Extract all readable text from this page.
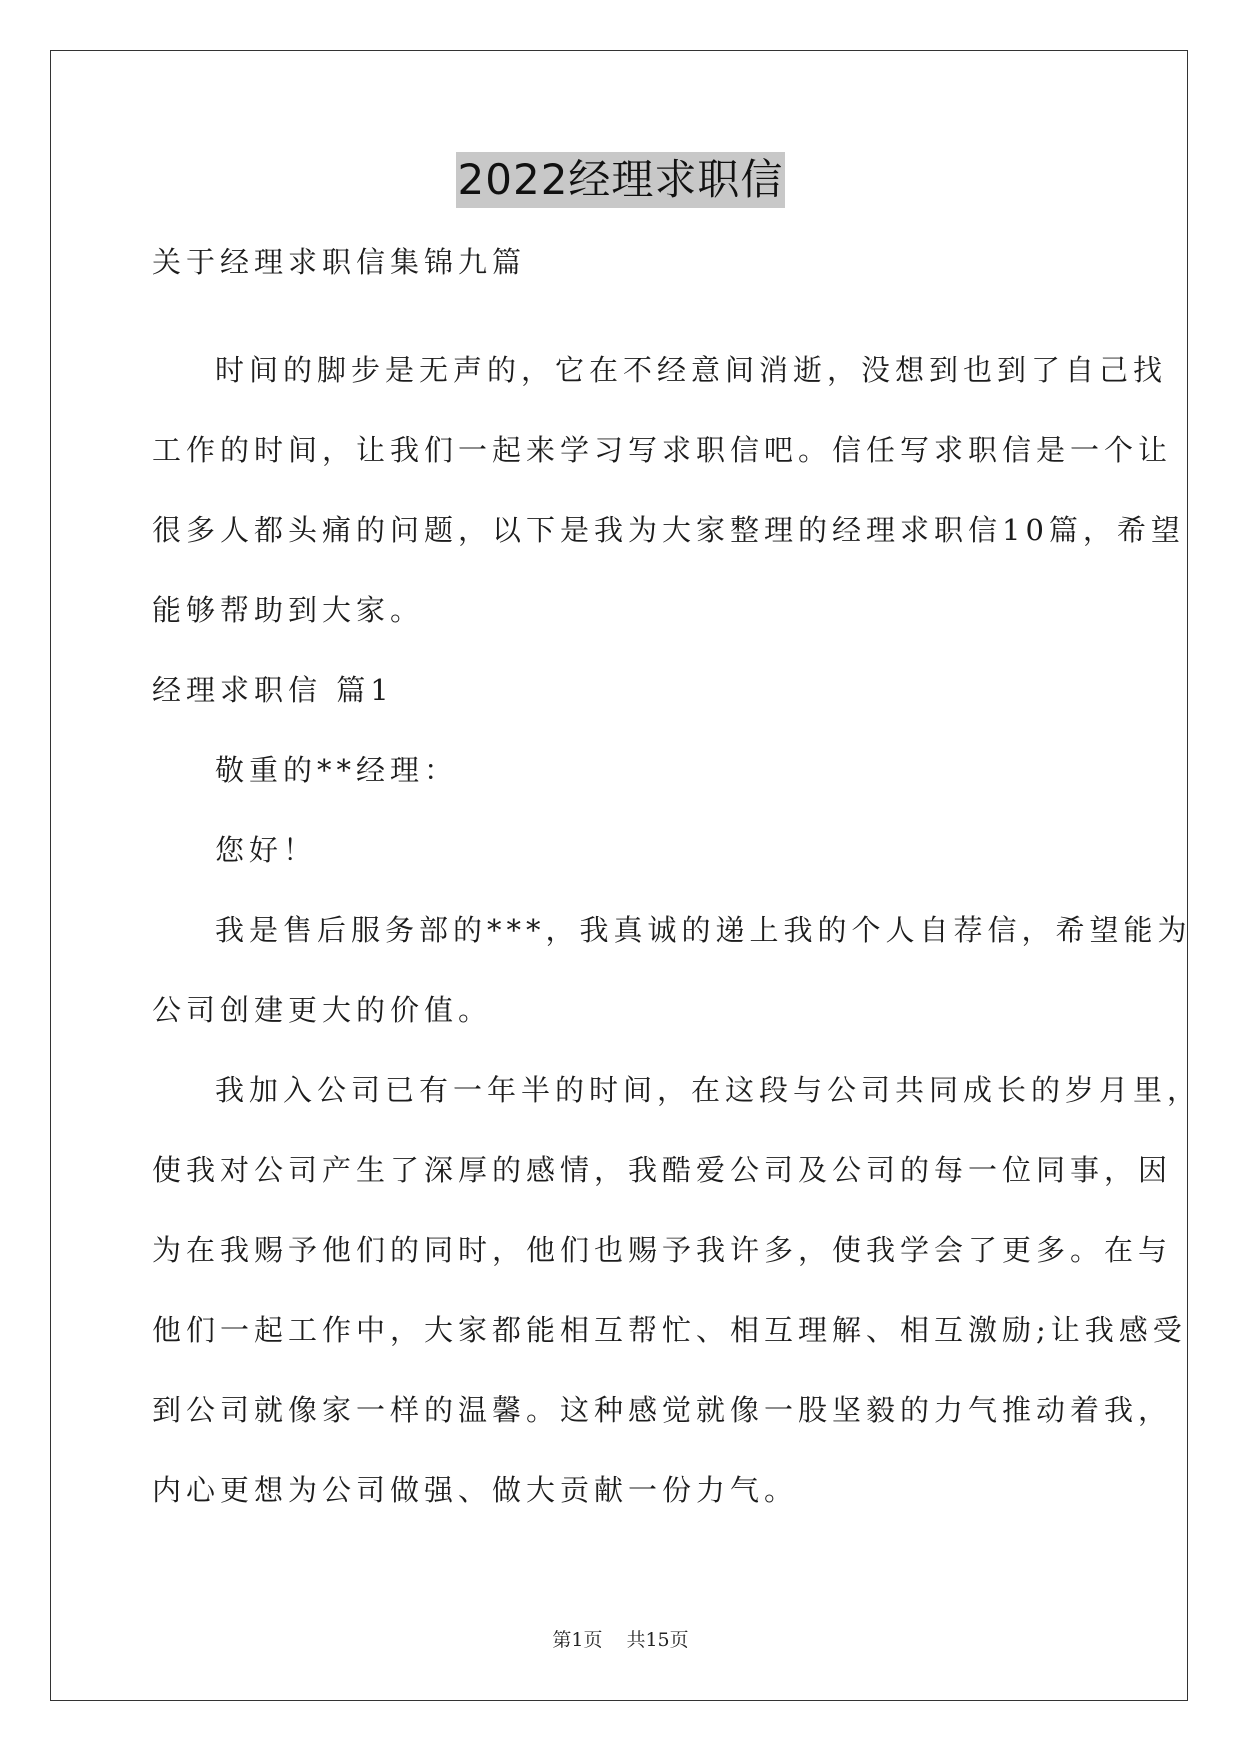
2022经理求职信
关于经理求职信集锦九篇
时间的脚步是无声的，它在不经意间消逝，没想到也到了自己找
工作的时间，让我们一起来学习写求职信吧。信任写求职信是一个让
很多人都头痛的问题，以下是我为大家整理的经理求职信10篇，希望
能够帮助到大家。
经理求职信 篇1
敬重的**经理：
您好！
我是售后服务部的***，我真诚的递上我的个人自荐信，希望能为
公司创建更大的价值。
我加入公司已有一年半的时间，在这段与公司共同成长的岁月里，
使我对公司产生了深厚的感情，我酷爱公司及公司的每一位同事，因
为在我赐予他们的同时，他们也赐予我许多，使我学会了更多。在与
他们一起工作中，大家都能相互帮忙、相互理解、相互激励;让我感受
到公司就像家一样的温馨。这种感觉就像一股坚毅的力气推动着我，
内心更想为公司做强、做大贡献一份力气。
第1页 共15页
